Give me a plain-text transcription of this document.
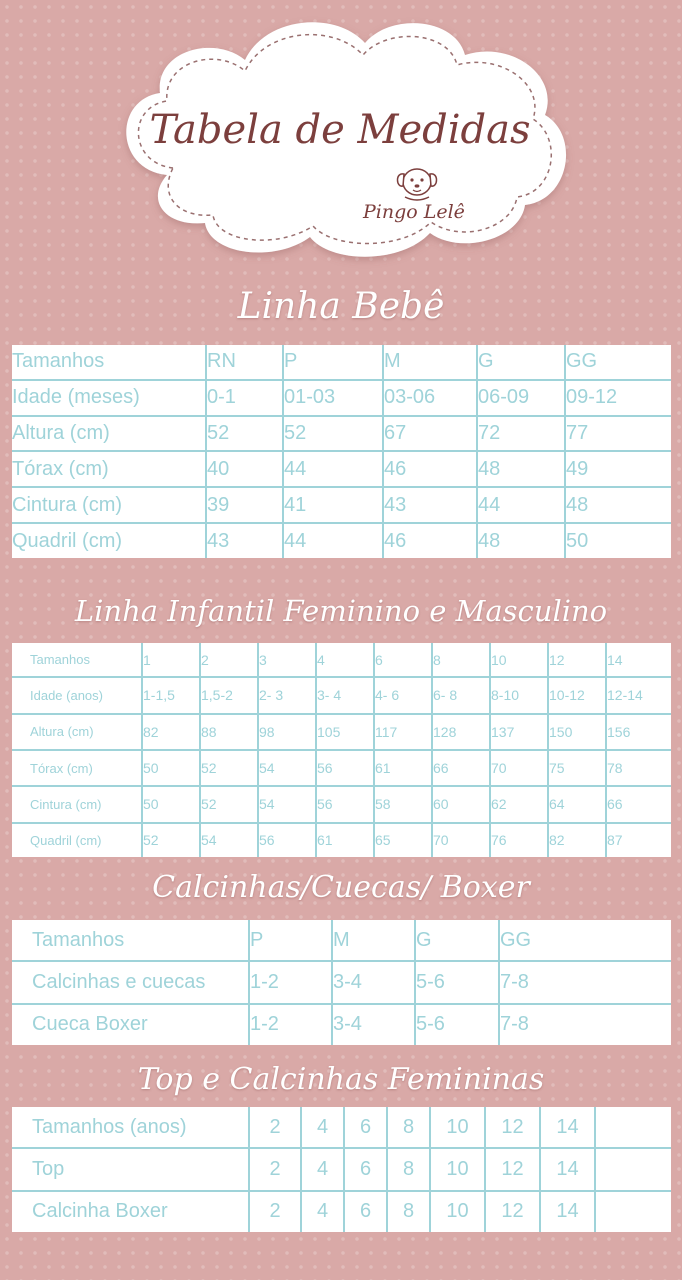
Tabela de Medidas
Pingo Lelê
Linha Bebê
Tamanhos	RN	P	M	G	GG
Idade (meses)	0-1	01-03	03-06	06-09	09-12
Altura (cm)	52	52	67	72	77
Tórax (cm)	40	44	46	48	49
Cintura (cm)	39	41	43	44	48
Quadril (cm)	43	44	46	48	50
Linha Infantil Feminino e Masculino
Tamanhos	1	2	3	4	6	8	10	12	14
Idade (anos)	1-1,5	1,5-2	2- 3	3- 4	4- 6	6- 8	8-10	10-12	12-14
Altura (cm)	82	88	98	105	117	128	137	150	156
Tórax (cm)	50	52	54	56	61	66	70	75	78
Cintura (cm)	50	52	54	56	58	60	62	64	66
Quadril (cm)	52	54	56	61	65	70	76	82	87
Calcinhas/Cuecas/ Boxer
Tamanhos	P	M	G	GG
Calcinhas e cuecas	1-2	3-4	5-6	7-8
Cueca Boxer	1-2	3-4	5-6	7-8
Top e Calcinhas Femininas
Tamanhos (anos)	2	4	6	8	10	12	14	
Top	2	4	6	8	10	12	14	
Calcinha Boxer	2	4	6	8	10	12	14	
